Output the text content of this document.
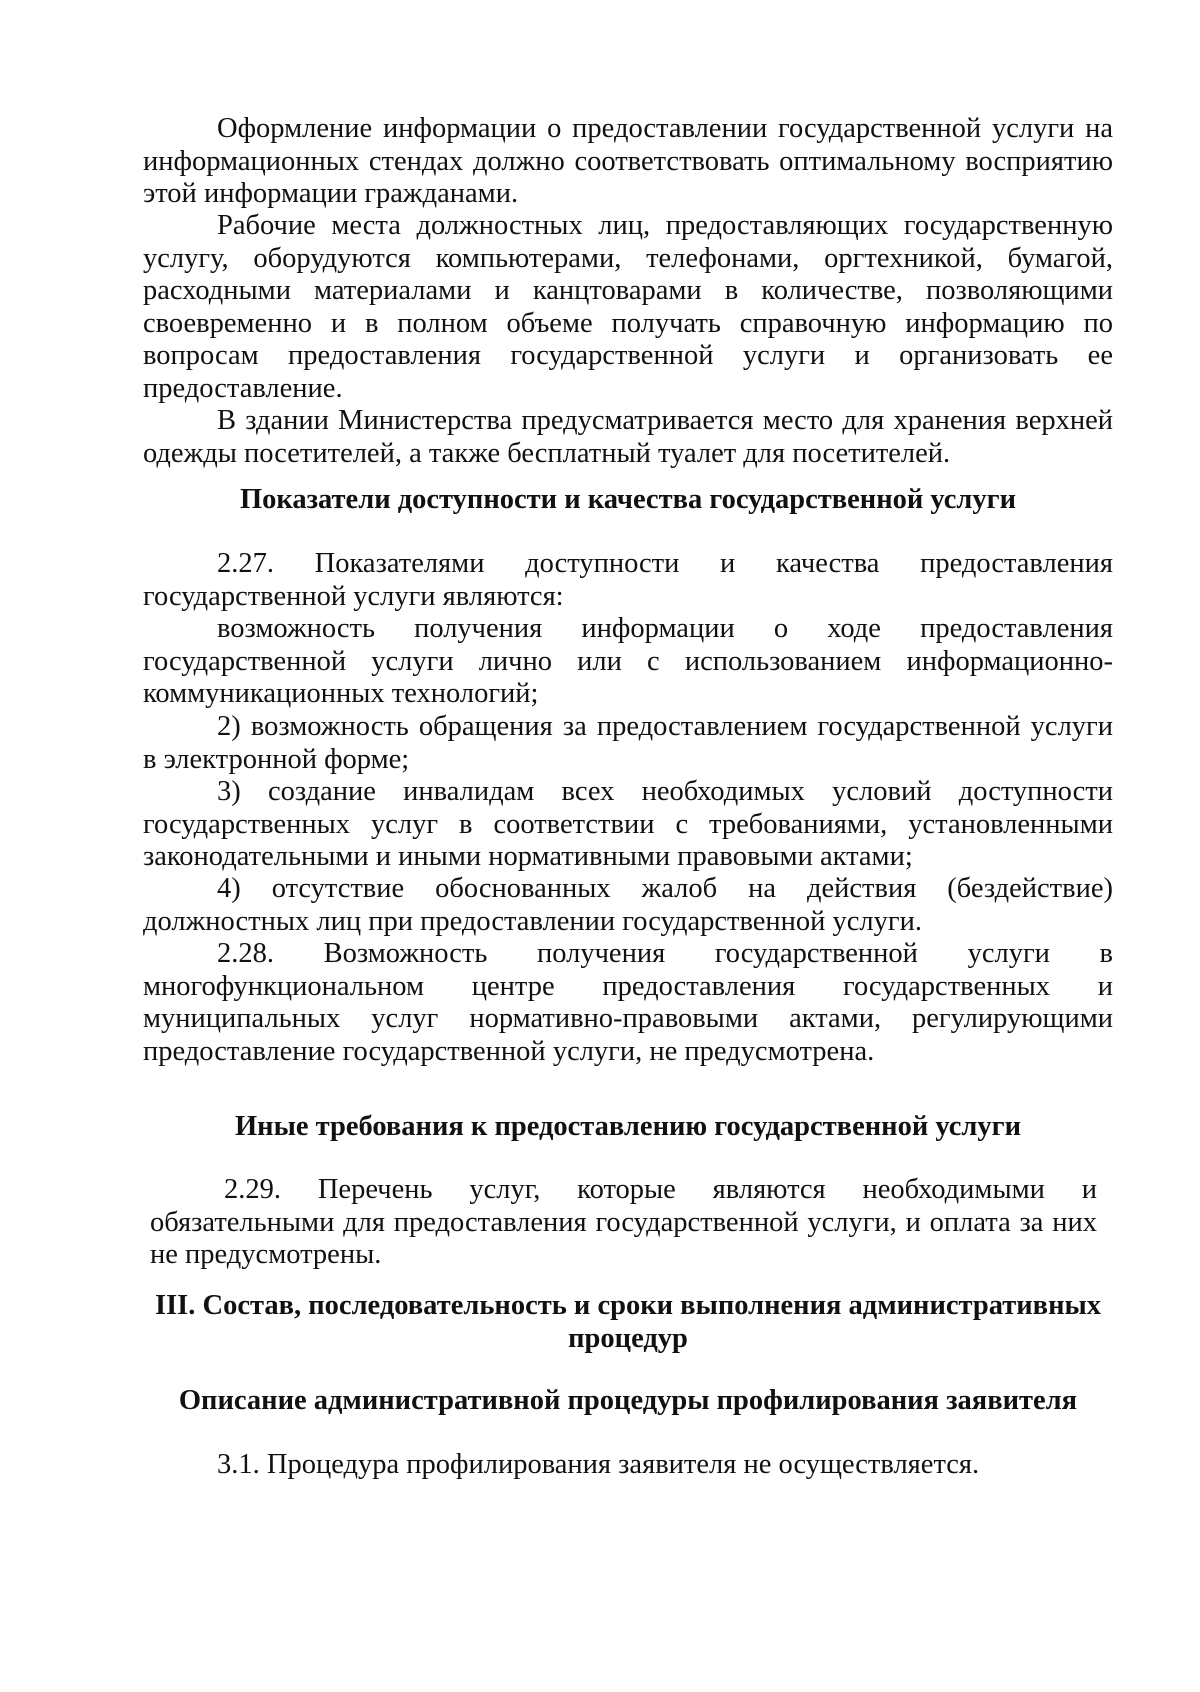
Оформление информации о предоставлении государственной услуги на
информационных стендах должно соответствовать оптимальному восприятию
этой информации гражданами.
Рабочие места должностных лиц, предоставляющих государственную
услугу, оборудуются компьютерами, телефонами, оргтехникой, бумагой,
расходными материалами и канцтоварами в количестве, позволяющими
своевременно и в полном объеме получать справочную информацию по
вопросам предоставления государственной услуги и организовать ее
предоставление.
В здании Министерства предусматривается место для хранения верхней
одежды посетителей, а также бесплатный туалет для посетителей.
Показатели доступности и качества государственной услуги
2.27. Показателями доступности и качества предоставления
государственной услуги являются:
возможность получения информации о ходе предоставления
государственной услуги лично или с использованием информационно-
коммуникационных технологий;
2) возможность обращения за предоставлением государственной услуги
в электронной форме;
3) создание инвалидам всех необходимых условий доступности
государственных услуг в соответствии с требованиями, установленными
законодательными и иными нормативными правовыми актами;
4) отсутствие обоснованных жалоб на действия (бездействие)
должностных лиц при предоставлении государственной услуги.
2.28. Возможность получения государственной услуги в
многофункциональном центре предоставления государственных и
муниципальных услуг нормативно-правовыми актами, регулирующими
предоставление государственной услуги, не предусмотрена.
Иные требования к предоставлению государственной услуги
2.29. Перечень услуг, которые являются необходимыми и
обязательными для предоставления государственной услуги, и оплата за них
не предусмотрены.
III. Состав, последовательность и сроки выполнения административных
процедур
Описание административной процедуры профилирования заявителя
3.1. Процедура профилирования заявителя не осуществляется.
